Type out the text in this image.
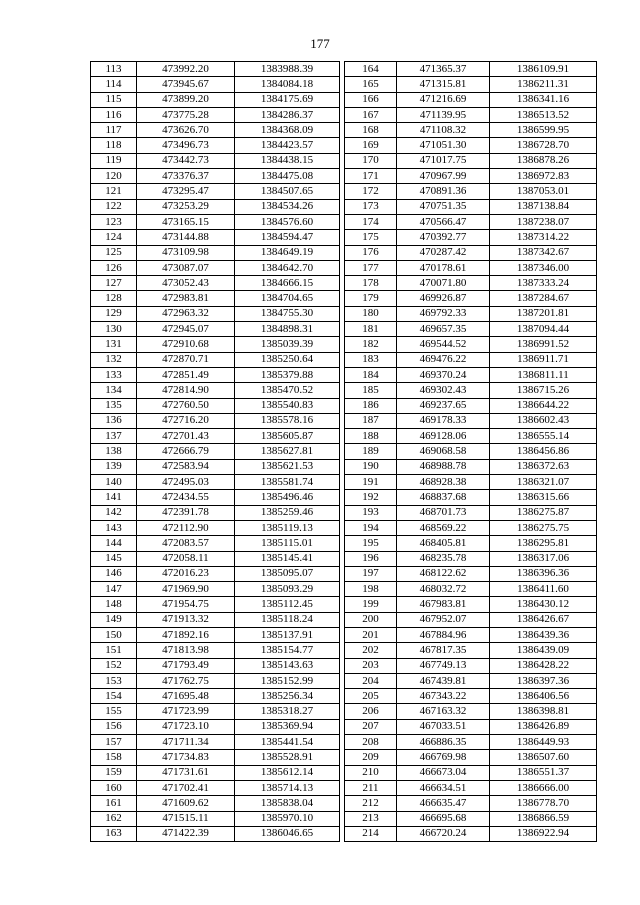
177
113	473992.20	1383988.39
114	473945.67	1384084.18
115	473899.20	1384175.69
116	473775.28	1384286.37
117	473626.70	1384368.09
118	473496.73	1384423.57
119	473442.73	1384438.15
120	473376.37	1384475.08
121	473295.47	1384507.65
122	473253.29	1384534.26
123	473165.15	1384576.60
124	473144.88	1384594.47
125	473109.98	1384649.19
126	473087.07	1384642.70
127	473052.43	1384666.15
128	472983.81	1384704.65
129	472963.32	1384755.30
130	472945.07	1384898.31
131	472910.68	1385039.39
132	472870.71	1385250.64
133	472851.49	1385379.88
134	472814.90	1385470.52
135	472760.50	1385540.83
136	472716.20	1385578.16
137	472701.43	1385605.87
138	472666.79	1385627.81
139	472583.94	1385621.53
140	472495.03	1385581.74
141	472434.55	1385496.46
142	472391.78	1385259.46
143	472112.90	1385119.13
144	472083.57	1385115.01
145	472058.11	1385145.41
146	472016.23	1385095.07
147	471969.90	1385093.29
148	471954.75	1385112.45
149	471913.32	1385118.24
150	471892.16	1385137.91
151	471813.98	1385154.77
152	471793.49	1385143.63
153	471762.75	1385152.99
154	471695.48	1385256.34
155	471723.99	1385318.27
156	471723.10	1385369.94
157	471711.34	1385441.54
158	471734.83	1385528.91
159	471731.61	1385612.14
160	471702.41	1385714.13
161	471609.62	1385838.04
162	471515.11	1385970.10
163	471422.39	1386046.65
164	471365.37	1386109.91
165	471315.81	1386211.31
166	471216.69	1386341.16
167	471139.95	1386513.52
168	471108.32	1386599.95
169	471051.30	1386728.70
170	471017.75	1386878.26
171	470967.99	1386972.83
172	470891.36	1387053.01
173	470751.35	1387138.84
174	470566.47	1387238.07
175	470392.77	1387314.22
176	470287.42	1387342.67
177	470178.61	1387346.00
178	470071.80	1387333.24
179	469926.87	1387284.67
180	469792.33	1387201.81
181	469657.35	1387094.44
182	469544.52	1386991.52
183	469476.22	1386911.71
184	469370.24	1386811.11
185	469302.43	1386715.26
186	469237.65	1386644.22
187	469178.33	1386602.43
188	469128.06	1386555.14
189	469068.58	1386456.86
190	468988.78	1386372.63
191	468928.38	1386321.07
192	468837.68	1386315.66
193	468701.73	1386275.87
194	468569.22	1386275.75
195	468405.81	1386295.81
196	468235.78	1386317.06
197	468122.62	1386396.36
198	468032.72	1386411.60
199	467983.81	1386430.12
200	467952.07	1386426.67
201	467884.96	1386439.36
202	467817.35	1386439.09
203	467749.13	1386428.22
204	467439.81	1386397.36
205	467343.22	1386406.56
206	467163.32	1386398.81
207	467033.51	1386426.89
208	466886.35	1386449.93
209	466769.98	1386507.60
210	466673.04	1386551.37
211	466634.51	1386666.00
212	466635.47	1386778.70
213	466695.68	1386866.59
214	466720.24	1386922.94
